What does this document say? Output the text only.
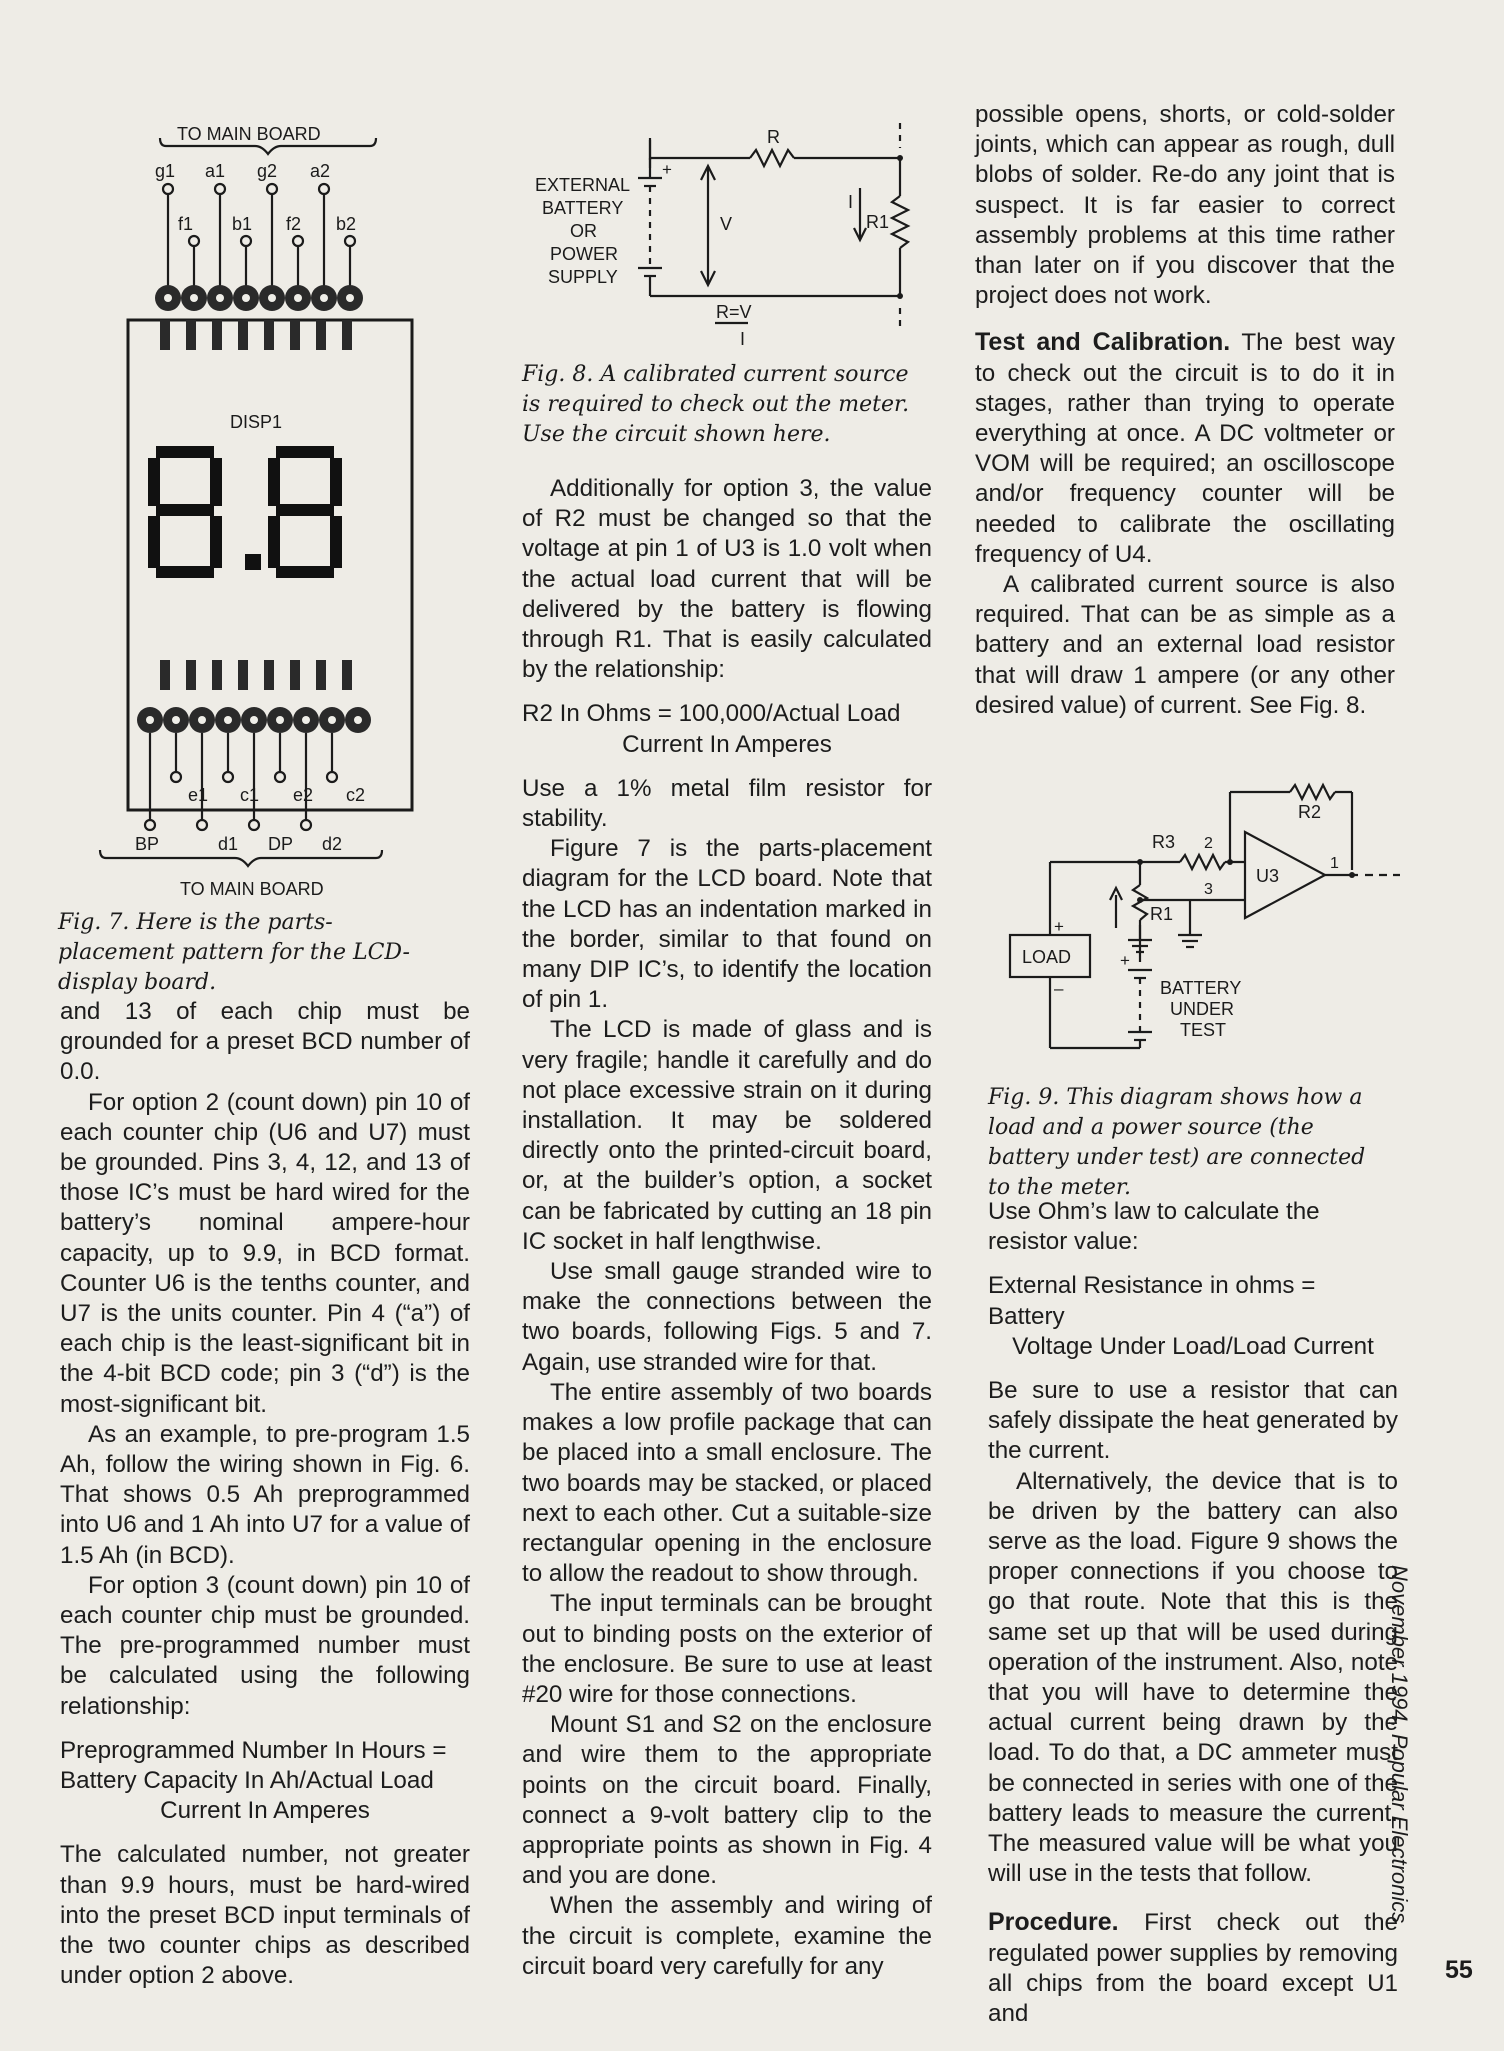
TO MAIN BOARD
g1 a1 g2 a2
f1 b1 f2 b2
DISP1
e1 c1 e2 c2
BP	d1 DP d2
TO MAIN BOARD
Fig. 7. Here is the parts-placement pattern for the LCD-display board.
+
EXTERNAL
BATTERY
OR
POWER
SUPPLY
R
V
I
R1
R=V
I
Fig. 8. A calibrated current source is required to check out the meter. Use the circuit shown here.
R2
R3 2
U3
1
3
R1
+
LOAD
–
+
BATTERY
UNDER
TEST
Fig. 9. This diagram shows how a load and a power source (the battery under test) are connected to the meter.

and 13 of each chip must be grounded for a preset BCD number of 0.0.

For option 2 (count down) pin 10 of each counter chip (U6 and U7) must be grounded. Pins 3, 4, 12, and 13 of those IC’s must be hard wired for the battery’s nominal ampere-hour capacity, up to 9.9, in BCD format. Counter U6 is the tenths counter, and U7 is the units counter. Pin 4 (“a”) of each chip is the least-significant bit in the 4-bit BCD code; pin 3 (“d”) is the most-significant bit.

As an example, to pre-program 1.5 Ah, follow the wiring shown in Fig. 6. That shows 0.5 Ah preprogrammed into U6 and 1 Ah into U7 for a value of 1.5 Ah (in BCD).

For option 3 (count down) pin 10 of each counter chip must be grounded. The pre-programmed number must be calculated using the following relationship:

Preprogrammed Number In Hours = Battery Capacity In Ah/Actual Load

Current In Amperes

The calculated number, not greater than 9.9 hours, must be hard-wired into the preset BCD input terminals of the two counter chips as described under option 2 above.

Additionally for option 3, the value of R2 must be changed so that the voltage at pin 1 of U3 is 1.0 volt when the actual load current that will be delivered by the battery is flowing through R1. That is easily calculated by the relationship:

R2 In Ohms = 100,000/Actual Load

Current In Amperes

Use a 1% metal film resistor for stability.

Figure 7 is the parts-placement diagram for the LCD board. Note that the LCD has an indentation marked in the border, similar to that found on many DIP IC’s, to identify the location of pin 1.

The LCD is made of glass and is very fragile; handle it carefully and do not place excessive strain on it during installation. It may be soldered directly onto the printed-circuit board, or, at the builder’s option, a socket can be fabricated by cutting an 18 pin IC socket in half lengthwise.

Use small gauge stranded wire to make the connections between the two boards, following Figs. 5 and 7. Again, use stranded wire for that.

The entire assembly of two boards makes a low profile package that can be placed into a small enclosure. The two boards may be stacked, or placed next to each other. Cut a suitable-size rectangular opening in the enclosure to allow the readout to show through.

The input terminals can be brought out to binding posts on the exterior of the enclosure. Be sure to use at least #20 wire for those connections.

Mount S1 and S2 on the enclosure and wire them to the appropriate points on the circuit board. Finally, connect a 9-volt battery clip to the appropriate points as shown in Fig. 4 and you are done.

When the assembly and wiring of the circuit is complete, examine the circuit board very carefully for any

possible opens, shorts, or cold-solder joints, which can appear as rough, dull blobs of solder. Re-do any joint that is suspect. It is far easier to correct assembly problems at this time rather than later on if you discover that the project does not work.

Test and Calibration. The best way to check out the circuit is to do it in stages, rather than trying to operate everything at once. A DC voltmeter or VOM will be required; an oscilloscope and/or frequency counter will be needed to calibrate the oscillating frequency of U4.

A calibrated current source is also required. That can be as simple as a battery and an external load resistor that will draw 1 ampere (or any other desired value) of current. See Fig. 8.

Use Ohm’s law to calculate the resistor value:

External Resistance in ohms = Battery

Voltage Under Load/Load Current

Be sure to use a resistor that can safely dissipate the heat generated by the current.

Alternatively, the device that is to be driven by the battery can also serve as the load. Figure 9 shows the proper connections if you choose to go that route. Note that this is the same set up that will be used during operation of the instrument. Also, note that you will have to determine the actual current being drawn by the load. To do that, a DC ammeter must be connected in series with one of the battery leads to measure the current. The measured value will be what you will use in the tests that follow.

Procedure. First check out the regulated power supplies by removing all chips from the board except U1 and

November 1994, Popular Electronics
55
